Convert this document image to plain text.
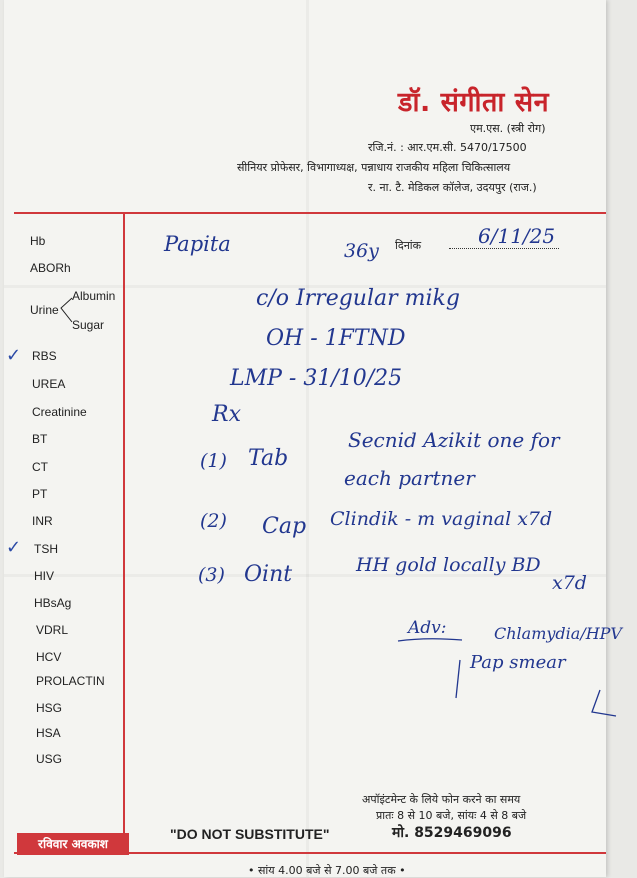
डॉ. संगीता सेन
एम.एस. (स्त्री रोग)
रजि.नं. : आर.एम.सी. 5470/17500
सीनियर प्रोफेसर, विभागाध्यक्ष, पन्नाधाय राजकीय महिला चिकित्सालय
र. ना. टै. मेडिकल कॉलेज, उदयपुर (राज.)
Hb
ABORh
Urine
Albumin
Sugar
✓ RBS
UREA
Creatinine
BT
CT
PT
INR
✓ TSH
HIV
HBsAg
VDRL
HCV
PROLACTIN
HSG
HSA
USG
Papita	36y दिनांक	6/11/25
c/o Irregular mikg
OH - 1FTND
LMP - 31/10/25
Rx
(1) Tab
Secnid Azikit one for
each partner
(2) Cap Clindik - m vaginal x7d
(3) Oint	HH gold locally BD
x7d
Adv:	Chlamydia/HPV
Pap smear
अपॉइंटमेन्ट के लिये फोन करने का समय
प्रातः 8 से 10 बजे, सांयः 4 से 8 बजे
"DO NOT SUBSTITUTE"	मो. 8529469096
रविवार अवकाश
• सांय 4.00 बजे से 7.00 बजे तक •
